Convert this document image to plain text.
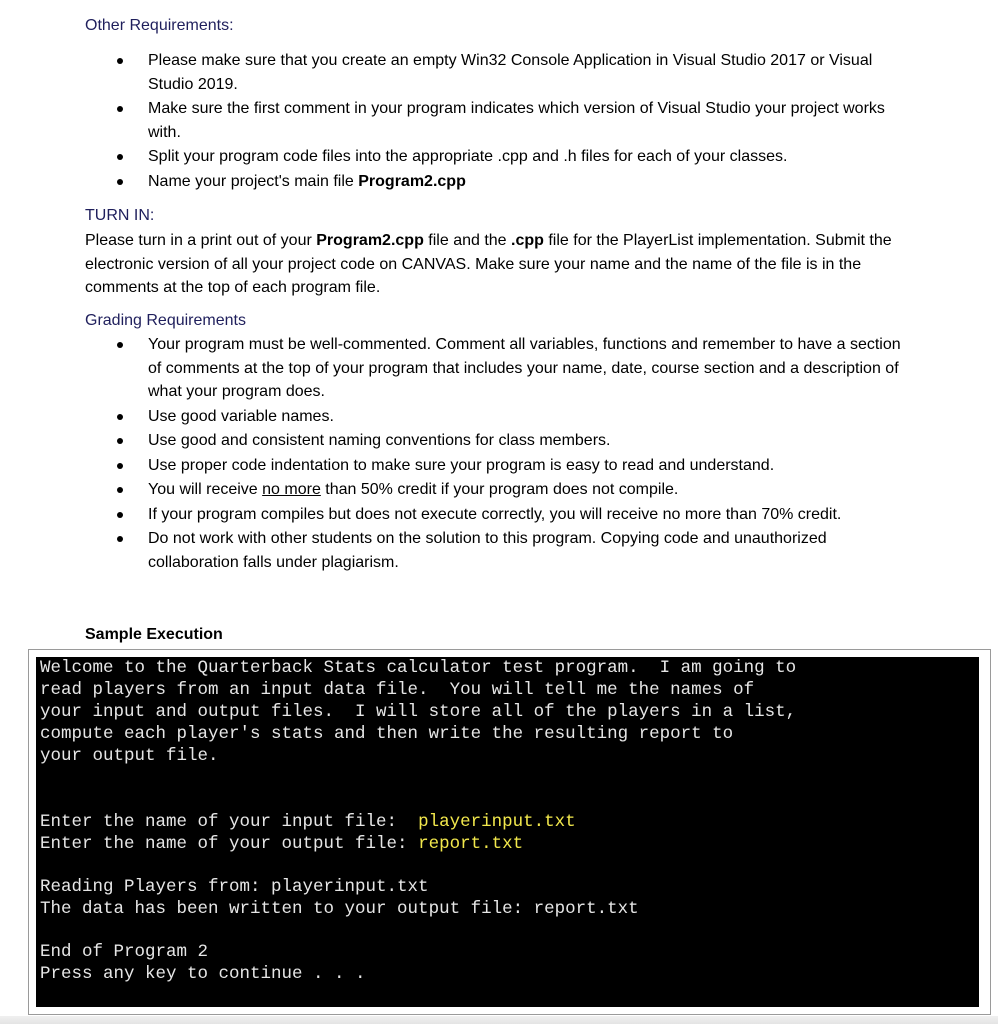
Other Requirements:
Please make sure that you create an empty Win32 Console Application in Visual Studio 2017 or Visual Studio 2019.
Make sure the first comment in your program indicates which version of Visual Studio your project works with.
Split your program code files into the appropriate .cpp and .h files for each of your classes.
Name your project's main file Program2.cpp
TURN IN:

Please turn in a print out of your Program2.cpp file and the .cpp file for the PlayerList implementation. Submit the electronic version of all your project code on CANVAS. Make sure your name and the name of the file is in the comments at the top of each program file.

Grading Requirements
Your program must be well-commented. Comment all variables, functions and remember to have a section of comments at the top of your program that includes your name, date, course section and a description of what your program does.
Use good variable names.
Use good and consistent naming conventions for class members.
Use proper code indentation to make sure your program is easy to read and understand.
You will receive no more than 50% credit if your program does not compile.
If your program compiles but does not execute correctly, you will receive no more than 70% credit.
Do not work with other students on the solution to this program. Copying code and unauthorized collaboration falls under plagiarism.
Sample Execution
Welcome to the Quarterback Stats calculator test program.  I am going to
read players from an input data file.  You will tell me the names of
your input and output files.  I will store all of the players in a list,
compute each player's stats and then write the resulting report to
your output file.
Enter the name of your input file:  playerinput.txt
Enter the name of your output file: report.txt
Reading Players from: playerinput.txt
The data has been written to your output file: report.txt
End of Program 2
Press any key to continue . . .
